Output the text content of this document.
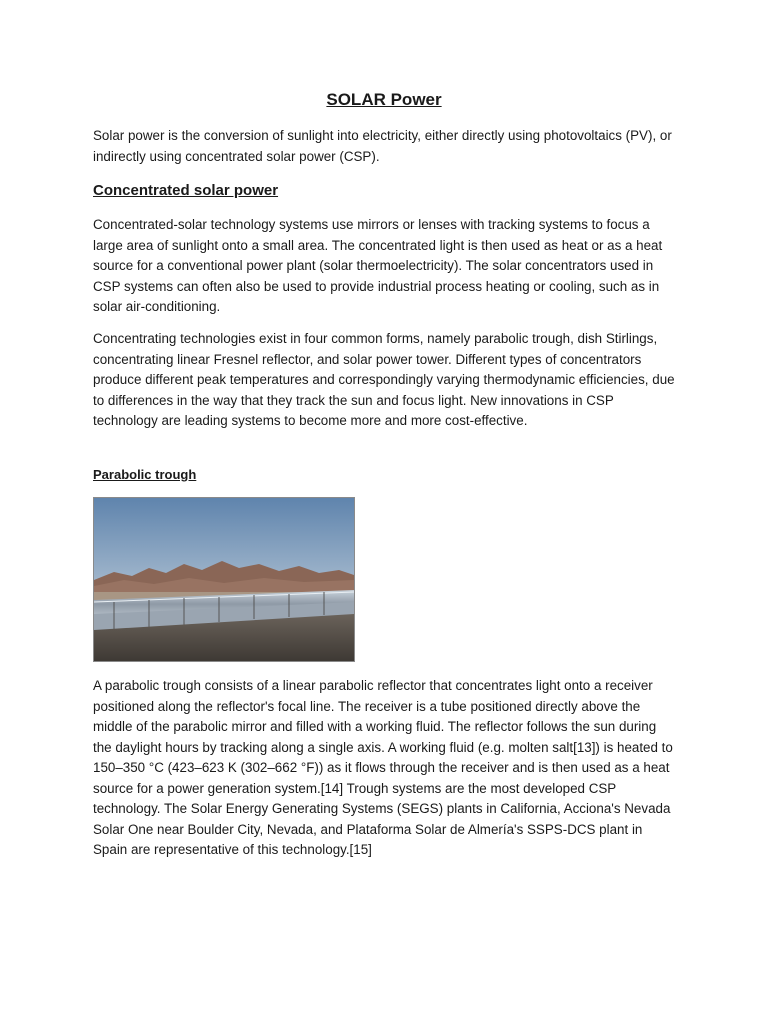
SOLAR Power

Solar power is the conversion of sunlight into electricity, either directly using photovoltaics (PV), or indirectly using concentrated solar power (CSP).

Concentrated solar power

Concentrated-solar technology systems use mirrors or lenses with tracking systems to focus a large area of sunlight onto a small area. The concentrated light is then used as heat or as a heat source for a conventional power plant (solar thermoelectricity). The solar concentrators used in CSP systems can often also be used to provide industrial process heating or cooling, such as in solar air-conditioning.

Concentrating technologies exist in four common forms, namely parabolic trough, dish Stirlings, concentrating linear Fresnel reflector, and solar power tower. Different types of concentrators produce different peak temperatures and correspondingly varying thermodynamic efficiencies, due to differences in the way that they track the sun and focus light. New innovations in CSP technology are leading systems to become more and more cost-effective.

Parabolic trough

A parabolic trough consists of a linear parabolic reflector that concentrates light onto a receiver positioned along the reflector's focal line. The receiver is a tube positioned directly above the middle of the parabolic mirror and filled with a working fluid. The reflector follows the sun during the daylight hours by tracking along a single axis. A working fluid (e.g. molten salt[13]) is heated to 150–350 °C (423–623 K (302–662 °F)) as it flows through the receiver and is then used as a heat source for a power generation system.[14] Trough systems are the most developed CSP technology. The Solar Energy Generating Systems (SEGS) plants in California, Acciona's Nevada Solar One near Boulder City, Nevada, and Plataforma Solar de Almería's SSPS-DCS plant in Spain are representative of this technology.[15]
